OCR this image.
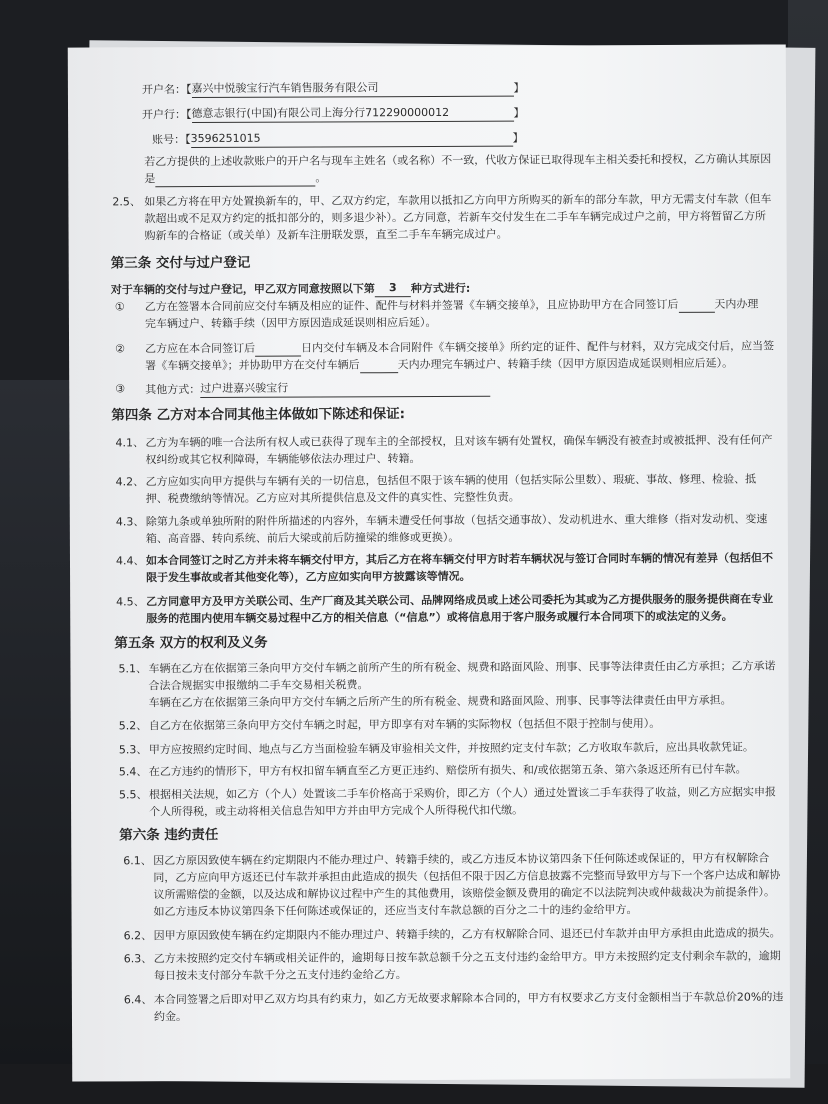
开户名：【嘉兴中悦骏宝行汽车销售服务有限公司	】
开户行：【德意志银行(中国)有限公司上海分行712290000012	】
账号：【3596251015	】
若乙方提供的上述收款账户的开户名与现车主姓名（或名称）不一致，代收方保证已取得现车主相关委托和授权，乙方确认其原因
是	。
2.5、 如果乙方将在甲方处置换新车的，甲、乙双方约定，车款用以抵扣乙方向甲方所购买的新车的部分车款，甲方无需支付车款（但车
款超出或不足双方约定的抵扣部分的，则多退少补）。乙方同意，若新车交付发生在二手车车辆完成过户之前，甲方将暂留乙方所
购新车的合格证（或关单）及新车注册联发票，直至二手车车辆完成过户。
第三条 交付与过户登记
对于车辆的交付与过户登记，甲乙双方同意按照以下第 3 种方式进行:
① 乙方在签署本合同前应交付车辆及相应的证件、配件与材料并签署《车辆交接单》，且应协助甲方在合同签订后	天内办理
完车辆过户、转籍手续（因甲方原因造成延误则相应后延）。
② 乙方应在本合同签订后	日内交付车辆及本合同附件《车辆交接单》所约定的证件、配件与材料，双方完成交付后，应当签
署《车辆交接单》；并协助甲方在交付车辆后	天内办理完车辆过户、转籍手续（因甲方原因造成延误则相应后延）。
③ 其他方式：过户进嘉兴骏宝行
第四条 乙方对本合同其他主体做如下陈述和保证:
4.1、 乙方为车辆的唯一合法所有权人或已获得了现车主的全部授权，且对该车辆有处置权，确保车辆没有被查封或被抵押、没有任何产
权纠纷或其它权利障碍，车辆能够依法办理过户、转籍。
4.2、 乙方应如实向甲方提供与车辆有关的一切信息，包括但不限于该车辆的使用（包括实际公里数）、瑕疵、事故、修理、检验、抵
押、税费缴纳等情况。乙方应对其所提供信息及文件的真实性、完整性负责。
4.3、 除第九条或单独所附的附件所描述的内容外，车辆未遭受任何事故（包括交通事故）、发动机进水、重大维修（指对发动机、变速
箱、高音器、转向系统、前后大梁或前后防撞梁的维修或更换）。
4.4、 如本合同签订之时乙方并未将车辆交付甲方，其后乙方在将车辆交付甲方时若车辆状况与签订合同时车辆的情况有差异（包括但不
限于发生事故或者其他变化等），乙方应如实向甲方披露该等情况。
4.5、 乙方同意甲方及甲方关联公司、生产厂商及其关联公司、品牌网络成员或上述公司委托为其或为乙方提供服务的服务提供商在专业
服务的范围内使用车辆交易过程中乙方的相关信息（“信息”）或将信息用于客户服务或履行本合同项下的或法定的义务。
第五条 双方的权利及义务
5.1、 车辆在乙方在依据第三条向甲方交付车辆之前所产生的所有税金、规费和路面风险、刑事、民事等法律责任由乙方承担；乙方承诺
合法合规据实申报缴纳二手车交易相关税费。
车辆在乙方在依据第三条向甲方交付车辆之后所产生的所有税金、规费和路面风险、刑事、民事等法律责任由甲方承担。
5.2、 自乙方在依据第三条向甲方交付车辆之时起，甲方即享有对车辆的实际物权（包括但不限于控制与使用）。
5.3、 甲方应按照约定时间、地点与乙方当面检验车辆及审验相关文件，并按照约定支付车款；乙方收取车款后，应出具收款凭证。
5.4、 在乙方违约的情形下，甲方有权扣留车辆直至乙方更正违约、赔偿所有损失、和/或依据第五条、第六条返还所有已付车款。
5.5、 根据相关法规，如乙方（个人）处置该二手车价格高于采购价，即乙方（个人）通过处置该二手车获得了收益，则乙方应据实申报
个人所得税，或主动将相关信息告知甲方并由甲方完成个人所得税代扣代缴。
第六条 违约责任
6.1、 因乙方原因致使车辆在约定期限内不能办理过户、转籍手续的，或乙方违反本协议第四条下任何陈述或保证的，甲方有权解除合
同，乙方应向甲方返还已付车款并承担由此造成的损失（包括但不限于因乙方信息披露不完整而导致甲方与下一个客户达成和解协
议所需赔偿的金额，以及达成和解协议过程中产生的其他费用，该赔偿金额及费用的确定不以法院判决或仲裁裁决为前提条件）。
如乙方违反本协议第四条下任何陈述或保证的，还应当支付车款总额的百分之二十的违约金给甲方。
6.2、 因甲方原因致使车辆在约定期限内不能办理过户、转籍手续的，乙方有权解除合同、退还已付车款并由甲方承担由此造成的损失。
6.3、 乙方未按照约定交付车辆或相关证件的，逾期每日按车款总额千分之五支付违约金给甲方。甲方未按照约定支付剩余车款的，逾期
每日按未支付部分车款千分之五支付违约金给乙方。
6.4、 本合同签署之后即对甲乙双方均具有约束力，如乙方无故要求解除本合同的，甲方有权要求乙方支付金额相当于车款总价20%的违
约金。
